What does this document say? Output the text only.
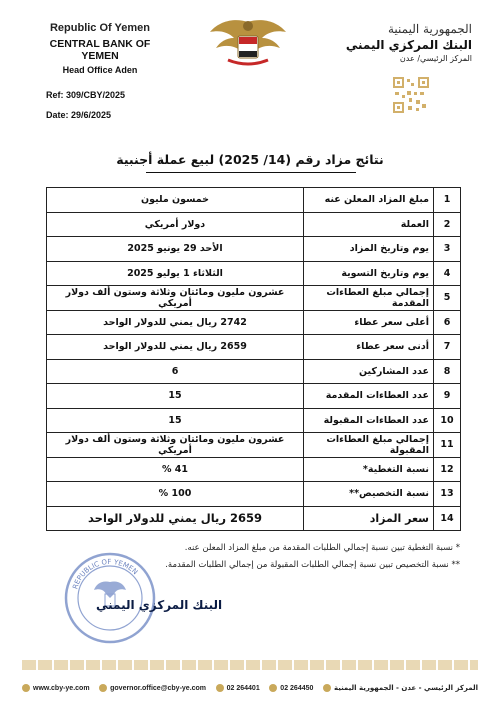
Republic Of Yemen
CENTRAL BANK OF YEMEN
Head Office Aden
Ref: 309/CBY/2025
Date: 29/6/2025
الجمهورية اليمنية
البنك المركزي اليمني
المركز الرئيسي/ عدن
نتائج مزاد رقم (14/ 2025) لبيع عملة أجنبية
1	مبلغ المزاد المعلن عنه	خمسون مليون
2	العملة	دولار أمريكي
3	يوم وتاريخ المزاد	الأحد 29 يونيو 2025
4	يوم وتاريخ التسوية	الثلاثاء 1 يوليو 2025
5	إجمالي مبلغ العطاءات المقدمة	عشرون مليون ومائتان وثلاثة وستون ألف دولار أمريكي
6	أعلى سعر عطاء	2742 ريال يمني للدولار الواحد
7	أدنى سعر عطاء	2659 ريال يمني للدولار الواحد
8	عدد المشاركين	6
9	عدد العطاءات المقدمة	15
10	عدد العطاءات المقبولة	15
11	إجمالي مبلغ العطاءات المقبولة	عشرون مليون ومائتان وثلاثة وستون ألف دولار أمريكي
12	نسبة التغطية*	41 %
13	نسبة التخصيص**	100 %
14	سعر المزاد	2659 ريال يمني للدولار الواحد
* نسبة التغطية تبين نسبة إجمالي الطلبات المقدمة من مبلغ المزاد المعلن عنه.
** نسبة التخصيص تبين نسبة إجمالي الطلبات المقبولة من إجمالي الطلبات المقدمة.
REPUBLIC OF YEMEN
البنك المركزي اليمني
www.cby-ye.com	governor.office@cby-ye.com	02 264401	02 264450	المركز الرئيسي - عدن - الجمهورية اليمنية
